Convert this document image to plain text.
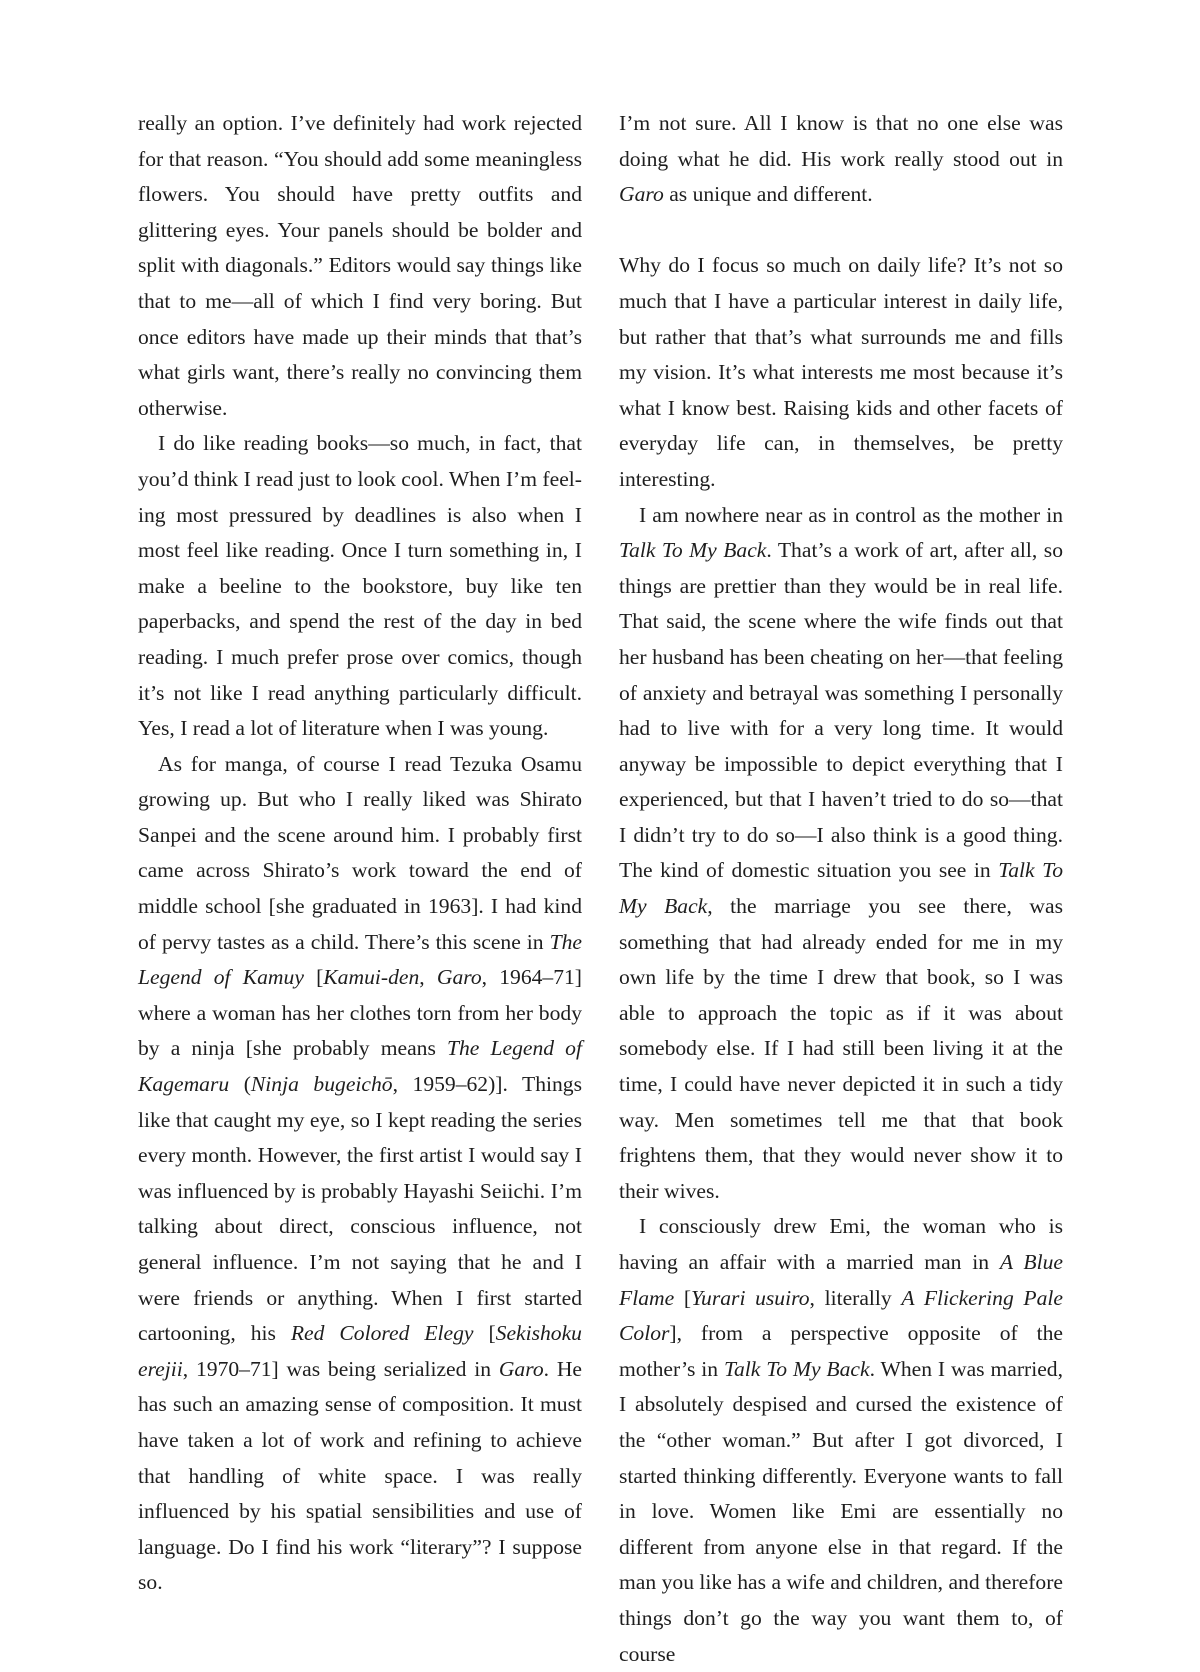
really an option. I’ve definitely had work rejected for that reason. “You should add some meaningless flowers. You should have pretty outfits and glittering eyes. Your panels should be bolder and split with diagonals.” Editors would say things like that to me—all of which I find very boring. But once editors have made up their minds that that’s what girls want, there’s really no convincing them otherwise.

I do like reading books—so much, in fact, that you’d think I read just to look cool. When I’m feeling most pressured by deadlines is also when I most feel like reading. Once I turn something in, I make a beeline to the bookstore, buy like ten paperbacks, and spend the rest of the day in bed reading. I much prefer prose over comics, though it’s not like I read anything particularly difficult. Yes, I read a lot of literature when I was young.

As for manga, of course I read Tezuka Osamu growing up. But who I really liked was Shirato Sanpei and the scene around him. I probably first came across Shirato’s work toward the end of middle school [she graduated in 1963]. I had kind of pervy tastes as a child. There’s this scene in The Legend of Kamuy [Kamui-den, Garo, 1964–71] where a woman has her clothes torn from her body by a ninja [she probably means The Legend of Kagemaru (Ninja bugeichō, 1959–62)]. Things like that caught my eye, so I kept reading the series every month. However, the first artist I would say I was influenced by is probably Hayashi Seiichi. I’m talking about direct, conscious influence, not general influence. I’m not saying that he and I were friends or anything. When I first started cartooning, his Red Colored Elegy [Sekishoku erejii, 1970–71] was being serialized in Garo. He has such an amazing sense of composition. It must have taken a lot of work and refining to achieve that handling of white space. I was really influenced by his spatial sensibilities and use of language. Do I find his work “literary”? I suppose so.

I’m not sure. All I know is that no one else was doing what he did. His work really stood out in Garo as unique and different.

Why do I focus so much on daily life? It’s not so much that I have a particular interest in daily life, but rather that that’s what surrounds me and fills my vision. It’s what interests me most because it’s what I know best. Raising kids and other facets of everyday life can, in themselves, be pretty interesting.

I am nowhere near as in control as the mother in Talk To My Back. That’s a work of art, after all, so things are prettier than they would be in real life. That said, the scene where the wife finds out that her husband has been cheating on her—that feeling of anxiety and betrayal was something I personally had to live with for a very long time. It would anyway be impossible to depict everything that I experienced, but that I haven’t tried to do so—that I didn’t try to do so—I also think is a good thing. The kind of domestic situation you see in Talk To My Back, the marriage you see there, was something that had already ended for me in my own life by the time I drew that book, so I was able to approach the topic as if it was about somebody else. If I had still been living it at the time, I could have never depicted it in such a tidy way. Men sometimes tell me that that book frightens them, that they would never show it to their wives.

I consciously drew Emi, the woman who is having an affair with a married man in A Blue Flame [Yurari usuiro, literally A Flickering Pale Color], from a perspective opposite of the mother’s in Talk To My Back. When I was married, I absolutely despised and cursed the existence of the “other woman.” But after I got divorced, I started thinking differently. Everyone wants to fall in love. Women like Emi are essentially no different from anyone else in that regard. If the man you like has a wife and children, and therefore things don’t go the way you want them to, of course
